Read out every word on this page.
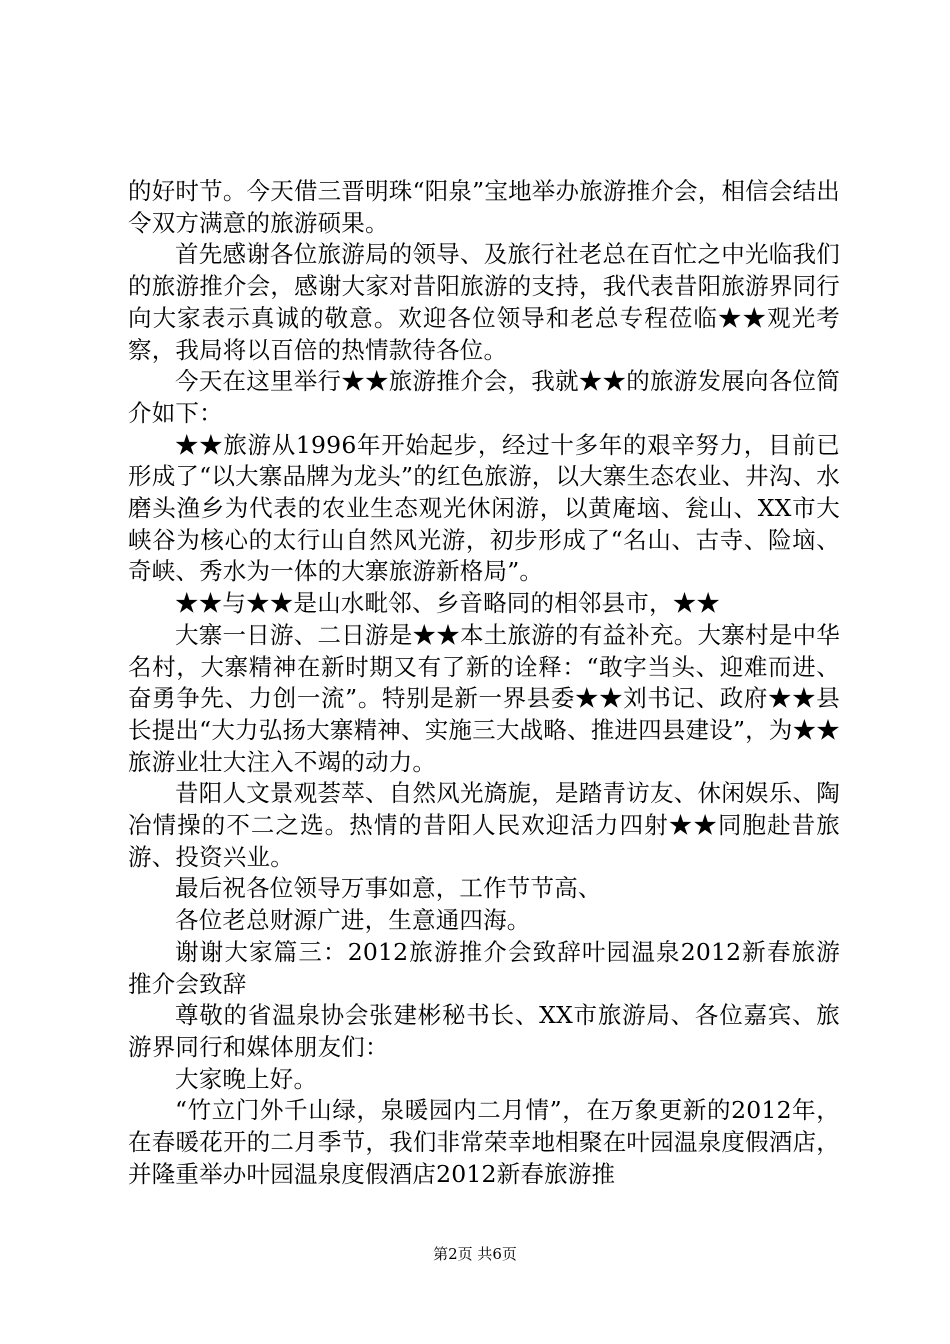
的好时节。今天借三晋明珠“阳泉”宝地举办旅游推介会，相信会结出令双方满意的旅游硕果。

首先感谢各位旅游局的领导、及旅行社老总在百忙之中光临我们的旅游推介会，感谢大家对昔阳旅游的支持，我代表昔阳旅游界同行向大家表示真诚的敬意。欢迎各位领导和老总专程莅临★★观光考察，我局将以百倍的热情款待各位。

今天在这里举行★★旅游推介会，我就★★的旅游发展向各位简介如下：

★★旅游从1996年开始起步，经过十多年的艰辛努力，目前已形成了“以大寨品牌为龙头”的红色旅游，以大寨生态农业、井沟、水磨头渔乡为代表的农业生态观光休闲游，以黄庵垴、瓮山、XX市大峡谷为核心的太行山自然风光游，初步形成了“名山、古寺、险垴、奇峡、秀水为一体的大寨旅游新格局”。

★★与★★是山水毗邻、乡音略同的相邻县市，★★

大寨一日游、二日游是★★本土旅游的有益补充。大寨村是中华名村，大寨精神在新时期又有了新的诠释：“敢字当头、迎难而进、奋勇争先、力创一流”。特别是新一界县委★★刘书记、政府★★县长提出“大力弘扬大寨精神、实施三大战略、推进四县建设”，为★★旅游业壮大注入不竭的动力。

昔阳人文景观荟萃、自然风光旖旎，是踏青访友、休闲娱乐、陶冶情操的不二之选。热情的昔阳人民欢迎活力四射★★同胞赴昔旅游、投资兴业。

最后祝各位领导万事如意，工作节节高、

各位老总财源广进，生意通四海。

谢谢大家篇三：2012旅游推介会致辞叶园温泉2012新春旅游推介会致辞

尊敬的省温泉协会张建彬秘书长、XX市旅游局、各位嘉宾、旅游界同行和媒体朋友们：

大家晚上好。

“竹立门外千山绿，泉暖园内二月情”，在万象更新的2012年，在春暖花开的二月季节，我们非常荣幸地相聚在叶园温泉度假酒店，并隆重举办叶园温泉度假酒店2012新春旅游推

第2页 共6页
